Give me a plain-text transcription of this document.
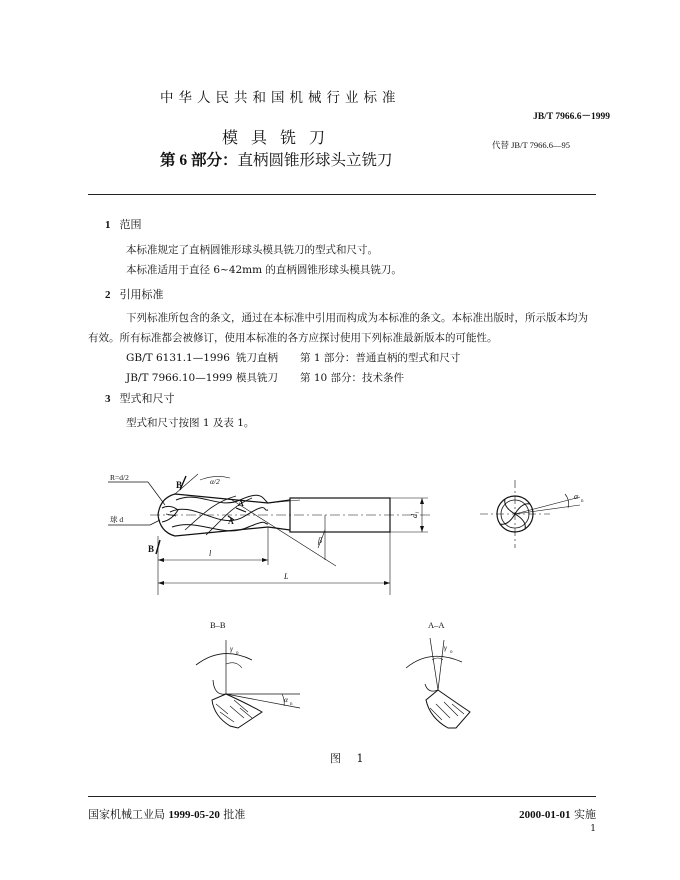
中华人民共和国机械行业标准
JB/T 7966.6－1999
模具铣刀	代替 JB/T 7966.6—95
第 6 部分：直柄圆锥形球头立铣刀
1 范围

本标准规定了直柄圆锥形球头模具铣刀的型式和尺寸。

本标准适用于直径 6~42mm 的直柄圆锥形球头模具铣刀。

2 引用标准

下列标准所包含的条文，通过在本标准中引用而构成为本标准的条文。本标准出版时，所示版本均为有效。所有标准都会被修订，使用本标准的各方应探讨使用下列标准最新版本的可能性。

GB/T 6131.1—1996 铣刀直柄 第 1 部分：普通直柄的型式和尺寸
JB/T 7966.10—1999 模具铣刀 第 10 部分：技术条件
3 型式和尺寸

型式和尺寸按图 1 及表 1。

R=d/2
球 d
B
B
A
A
α/2
β
d₁
l
L
α
n
B–B
γ
o
α
n
A–A
γ
o
图 1
国家机械工业局 1999-05-20 批准	2000-01-01 实施
1
